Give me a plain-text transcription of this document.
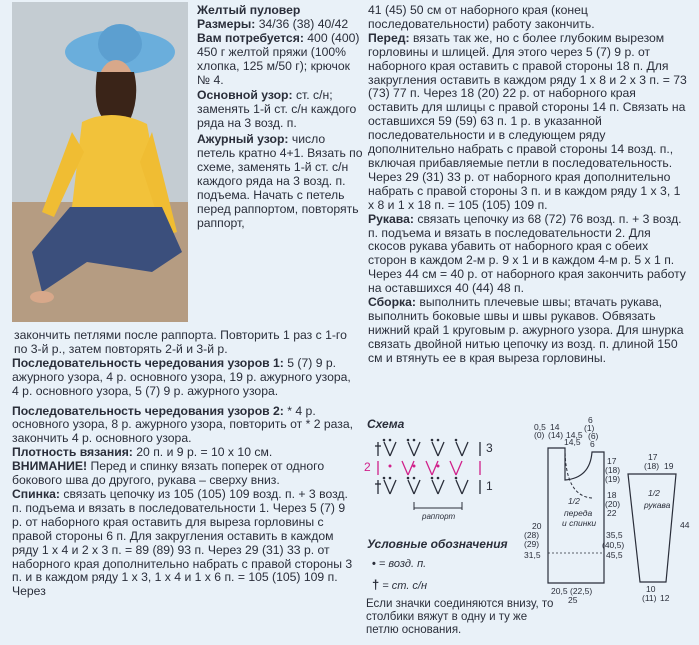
Желтый пуловер
Размеры: 34/36 (38) 40/42
Вам потребуется: 400 (400) 450 г желтой пряжи (100% хлопка, 125 м/50 г); крючок № 4.
Основной узор: ст. с/н; заменять 1-й ст. с/н каждого ряда на 3 возд. п.
Ажурный узор: число петель кратно 4+1. Вязать по схеме, заменять 1-й ст. с/н каждого ряда на 3 возд. п. подъема. Начать с петель перед раппортом, повторять раппорт,
закончить петлями после раппорта. Повторить 1 раз с 1-го по 3-й р., затем повторять 2-й и 3-й р.
Последовательность чередования узоров 1: 5 (7) 9 р. ажурного узора, 4 р. основного узора, 19 р. ажурного узора, 4 р. основного узора, 5 (7) 9 р. ажурного узора.
Последовательность чередования узоров 2: * 4 р. основного узора, 8 р. ажурного узора, повторить от * 2 раза, закончить 4 р. основного узора.
Плотность вязания: 20 п. и 9 р. = 10 х 10 см.
ВНИМАНИЕ! Перед и спинку вязать поперек от одного бокового шва до другого, рукава – сверху вниз.
Спинка: связать цепочку из 105 (105) 109 возд. п. + 3 возд. п. подъема и вязать в последовательности 1. Через 5 (7) 9 р. от наборного края оставить для выреза горловины с правой стороны 6 п. Для закругления оставить в каждом ряду 1 х 4 и 2 х 3 п. = 89 (89) 93 п. Через 29 (31) 33 р. от наборного края дополнительно набрать с правой стороны 3 п. и в каждом ряду 1 х 3, 1 х 4 и 1 х 6 п. = 105 (105) 109 п. Через
41 (45) 50 см от наборного края (конец последовательности) работу закончить.
Перед: вязать так же, но с более глубоким вырезом горловины и шлицей. Для этого через 5 (7) 9 р. от наборного края оставить с правой стороны 18 п. Для закругления оставить в каждом ряду 1 х 8 и 2 х 3 п. = 73 (73) 77 п. Через 18 (20) 22 р. от наборного края оставить для шлицы с правой стороны 14 п. Связать на оставшихся 59 (59) 63 п. 1 р. в указанной последовательности и в следующем ряду дополнительно набрать с правой стороны 14 возд. п., включая прибавляемые петли в последовательность. Через 29 (31) 33 р. от наборного края дополнительно набрать с правой стороны 3 п. и в каждом ряду 1 х 3, 1 х 8 и 1 х 18 п. = 105 (105) 109 п.
Рукава: связать цепочку из 68 (72) 76 возд. п. + 3 возд. п. подъема и вязать в последовательности 2. Для скосов рукава убавить от наборного края с обеих сторон в каждом 2-м р. 9 х 1 и в каждом 4-м р. 5 х 1 п. Через 44 см = 40 р. от наборного края закончить работу на оставшихся 40 (44) 48 п.
Сборка: выполнить плечевые швы; втачать рукава, выполнить боковые швы и швы рукавов. Обвязать нижний край 1 круговым р. ажурного узора. Для шнурка связать двойной нитью цепочку из возд. п. длиной 150 см и втянуть ее в края выреза горловины.
Схема
3
2
1
раппорт
Условные обозначения
• = возд. п.
† = ст. с/н
Если значки соединяются внизу, то столбики вяжут в одну и ту же петлю основания.
0,5 14
6
(0) (14) 14,5
(1)
14,5
(6)
6
17
(18)
(19)
18
(20)
22
20
(28)
(29)
31,5
35,5
(40,5)
45,5
1/2
переда
и спинки
20,5 (22,5)
25
17
(18) 19
1/2
рукава
44
10
(11) 12
